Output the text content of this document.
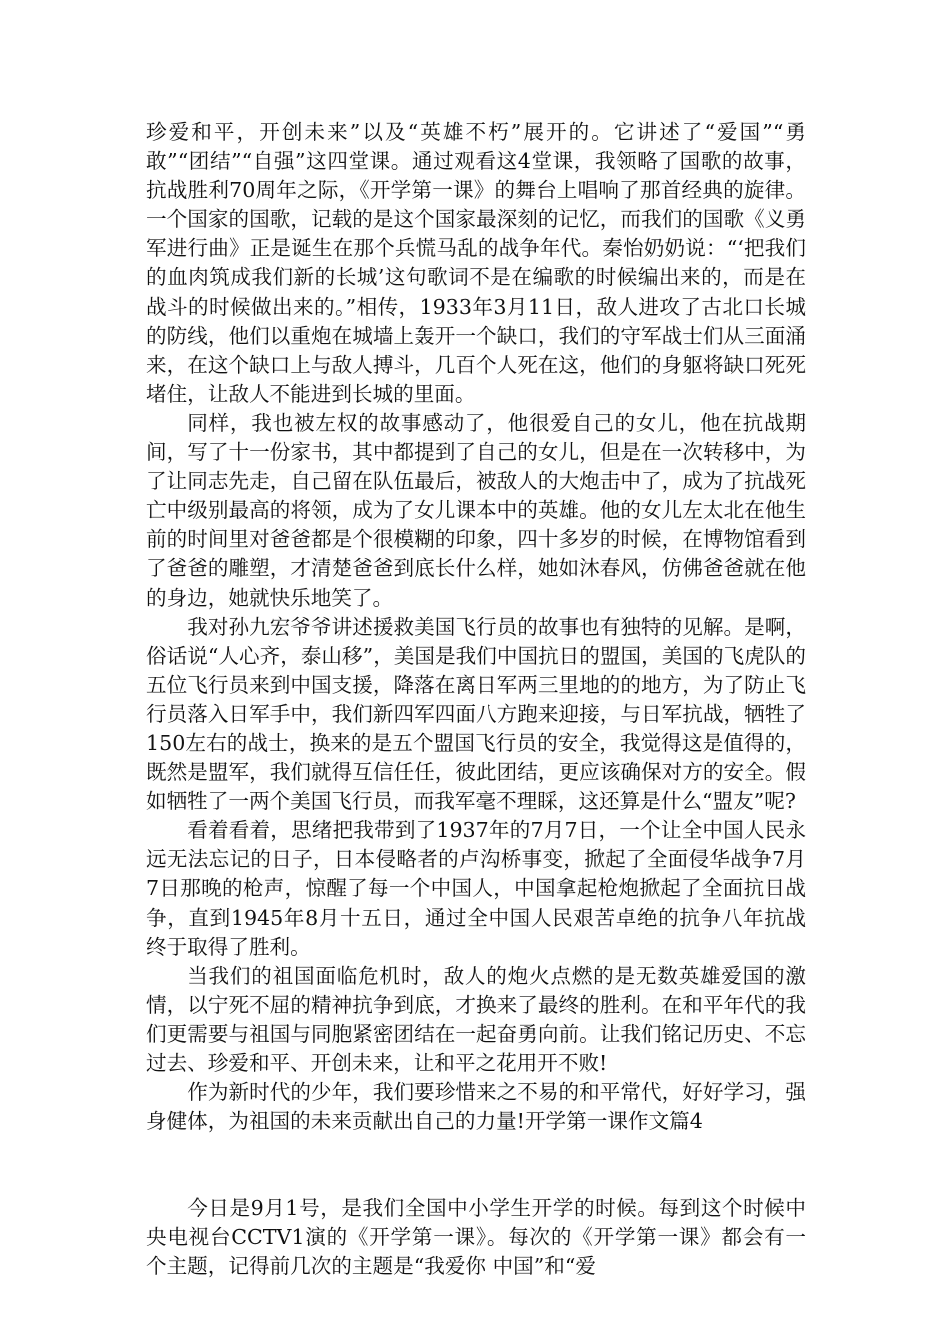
珍爱和平，开创未来”以及“英雄不朽”展开的。它讲述了“爱国”“勇敢”“团结”“自强”这四堂课。通过观看这4堂课，我领略了国歌的故事，抗战胜利70周年之际，《开学第一课》的舞台上唱响了那首经典的旋律。一个国家的国歌，记载的是这个国家最深刻的记忆，而我们的国歌《义勇军进行曲》正是诞生在那个兵慌马乱的战争年代。秦怡奶奶说：“‘把我们的血肉筑成我们新的长城’这句歌词不是在编歌的时候编出来的，而是在战斗的时候做出来的。”相传，1933年3月11日，敌人进攻了古北口长城的防线，他们以重炮在城墙上轰开一个缺口，我们的守军战士们从三面涌来，在这个缺口上与敌人搏斗，几百个人死在这，他们的身躯将缺口死死堵住，让敌人不能进到长城的里面。

同样，我也被左权的故事感动了，他很爱自己的女儿，他在抗战期间，写了十一份家书，其中都提到了自己的女儿，但是在一次转移中，为了让同志先走，自己留在队伍最后，被敌人的大炮击中了，成为了抗战死亡中级别最高的将领，成为了女儿课本中的英雄。他的女儿左太北在他生前的时间里对爸爸都是个很模糊的印象，四十多岁的时候，在博物馆看到了爸爸的雕塑，才清楚爸爸到底长什么样，她如沐春风，仿佛爸爸就在他的身边，她就快乐地笑了。

我对孙九宏爷爷讲述援救美国飞行员的故事也有独特的见解。是啊，俗话说“人心齐，泰山移”，美国是我们中国抗日的盟国，美国的飞虎队的五位飞行员来到中国支援，降落在离日军两三里地的的地方，为了防止飞行员落入日军手中，我们新四军四面八方跑来迎接，与日军抗战，牺牲了150左右的战士，换来的是五个盟国飞行员的安全，我觉得这是值得的，既然是盟军，我们就得互信任任，彼此团结，更应该确保对方的安全。假如牺牲了一两个美国飞行员，而我军毫不理睬，这还算是什么“盟友”呢?

看着看着，思绪把我带到了1937年的7月7日，一个让全中国人民永远无法忘记的日子，日本侵略者的卢沟桥事变，掀起了全面侵华战争7月7日那晚的枪声，惊醒了每一个中国人，中国拿起枪炮掀起了全面抗日战争，直到1945年8月十五日，通过全中国人民艰苦卓绝的抗争八年抗战终于取得了胜利。

当我们的祖国面临危机时，敌人的炮火点燃的是无数英雄爱国的激情，以宁死不屈的精神抗争到底，才换来了最终的胜利。在和平年代的我们更需要与祖国与同胞紧密团结在一起奋勇向前。让我们铭记历史、不忘过去、珍爱和平、开创未来，让和平之花用开不败!

作为新时代的少年，我们要珍惜来之不易的和平常代，好好学习，强身健体，为祖国的未来贡献出自己的力量!开学第一课作文篇4

今日是9月1号，是我们全国中小学生开学的时候。每到这个时候中央电视台CCTV1演的《开学第一课》。每次的《开学第一课》都会有一个主题，记得前几次的主题是“我爱你 中国”和“爱
